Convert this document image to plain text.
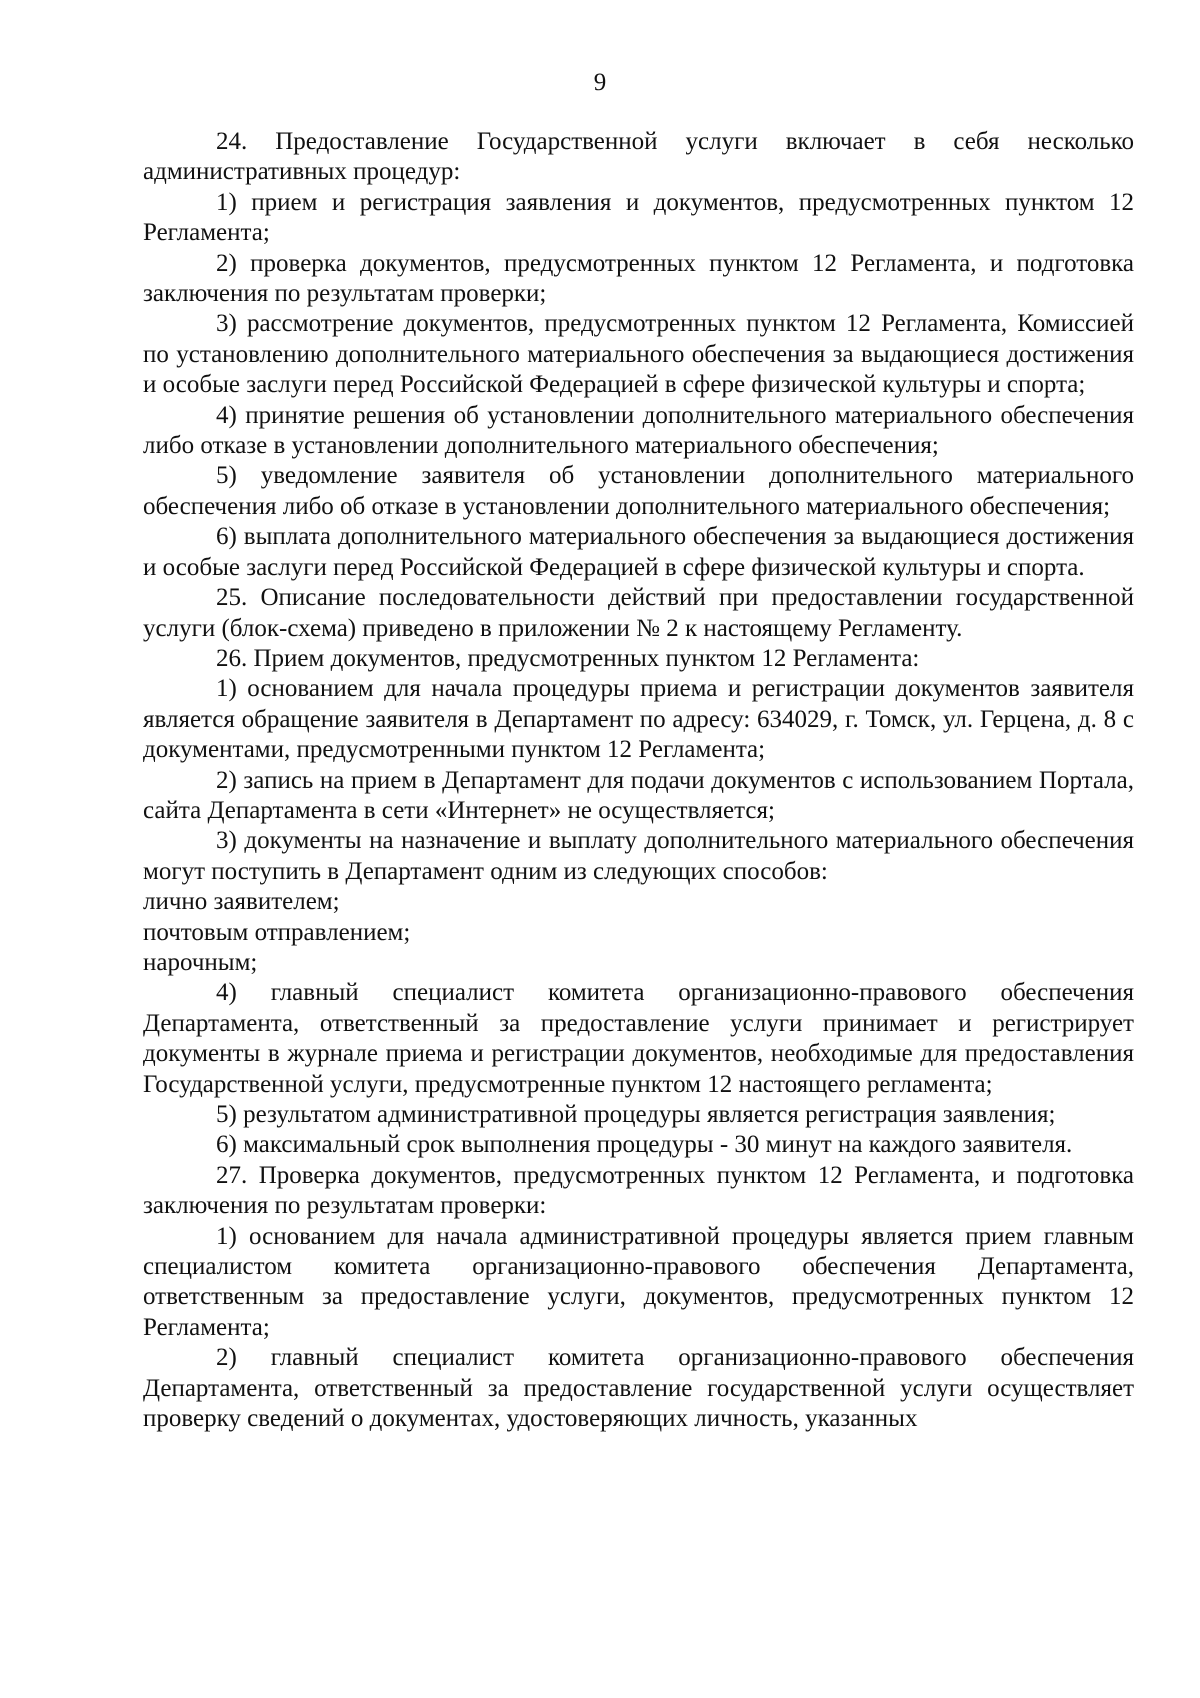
9

24. Предоставление Государственной услуги включает в себя несколько административных процедур:

1) прием и регистрация заявления и документов, предусмотренных пунктом 12 Регламента;

2) проверка документов, предусмотренных пунктом 12 Регламента, и подготовка заключения по результатам проверки;

3) рассмотрение документов, предусмотренных пунктом 12 Регламента, Комиссией по установлению дополнительного материального обеспечения за выдающиеся достижения и особые заслуги перед Российской Федерацией в сфере физической культуры и спорта;

4) принятие решения об установлении дополнительного материального обеспечения либо отказе в установлении дополнительного материального обеспечения;

5) уведомление заявителя об установлении дополнительного материального обеспечения либо об отказе в установлении дополнительного материального обеспечения;

6) выплата дополнительного материального обеспечения за выдающиеся достижения и особые заслуги перед Российской Федерацией в сфере физической культуры и спорта.

25. Описание последовательности действий при предоставлении государственной услуги (блок-схема) приведено в приложении № 2 к настоящему Регламенту.

26. Прием документов, предусмотренных пунктом 12 Регламента:

1) основанием для начала процедуры приема и регистрации документов заявителя является обращение заявителя в Департамент по адресу: 634029, г. Томск, ул. Герцена, д. 8 с документами, предусмотренными пунктом 12 Регламента;

2) запись на прием в Департамент для подачи документов с использованием Портала, сайта Департамента в сети «Интернет» не осуществляется;

3) документы на назначение и выплату дополнительного материального обеспечения могут поступить в Департамент одним из следующих способов:

лично заявителем;

почтовым отправлением;

нарочным;

4) главный специалист комитета организационно-правового обеспечения Департамента, ответственный за предоставление услуги принимает и регистрирует документы в журнале приема и регистрации документов, необходимые для предоставления Государственной услуги, предусмотренные пунктом 12 настоящего регламента;

5) результатом административной процедуры является регистрация заявления;

6) максимальный срок выполнения процедуры - 30 минут на каждого заявителя.

27. Проверка документов, предусмотренных пунктом 12 Регламента, и подготовка заключения по результатам проверки:

1) основанием для начала административной процедуры является прием главным специалистом комитета организационно-правового обеспечения Департамента, ответственным за предоставление услуги, документов, предусмотренных пунктом 12 Регламента;

2) главный специалист комитета организационно-правового обеспечения Департамента, ответственный за предоставление государственной услуги осуществляет проверку сведений о документах, удостоверяющих личность, указанных
